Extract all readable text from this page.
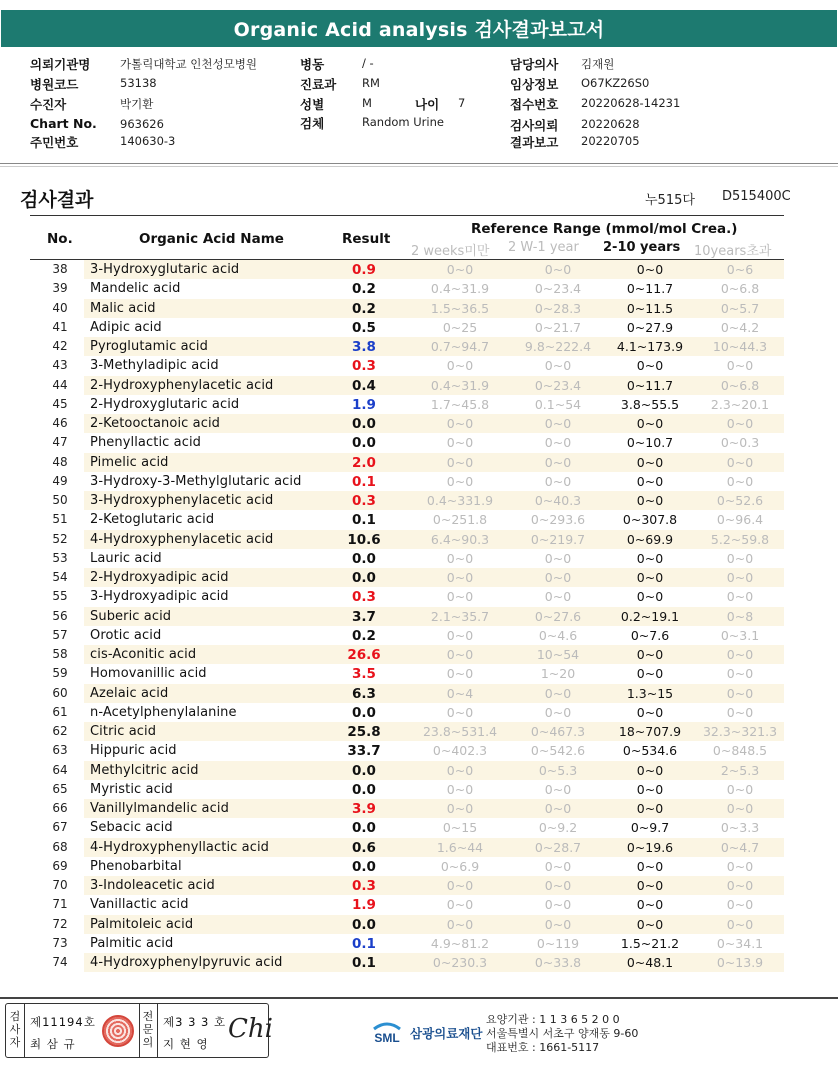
Organic Acid analysis 검사결과보고서
의뢰기관명	가톨릭대학교 인천성모병원
병원코드	53138
수진자	박기환
Chart No. 963626
주민번호	140630-3
병동	/ -
진료과 RM
성별	M	나이 7
검체	Random Urine
담당의사 김재원
임상정보 O67KZ26S0
접수번호 20220628-14231
검사의뢰 20220628
결과보고 20220705
검사결과	누515다 D515400C
No.	Organic Acid Name	Result
Reference Range (mmol/mol Crea.)
2 weeks미만 2 W-1 year 2-10 years 10years초과
38	3-Hydroxyglutaric acid	0.9	0~0	0~0	0~0	0~6
39	Mandelic acid	0.2	0.4~31.9	0~23.4	0~11.7	0~6.8
40	Malic acid	0.2	1.5~36.5	0~28.3	0~11.5	0~5.7
41	Adipic acid	0.5	0~25	0~21.7	0~27.9	0~4.2
42	Pyroglutamic acid	3.8	0.7~94.7	9.8~222.4	4.1~173.9	10~44.3
43	3-Methyladipic acid	0.3	0~0	0~0	0~0	0~0
44	2-Hydroxyphenylacetic acid	0.4	0.4~31.9	0~23.4	0~11.7	0~6.8
45	2-Hydroxyglutaric acid	1.9	1.7~45.8	0.1~54	3.8~55.5	2.3~20.1
46	2-Ketooctanoic acid	0.0	0~0	0~0	0~0	0~0
47	Phenyllactic acid	0.0	0~0	0~0	0~10.7	0~0.3
48	Pimelic acid	2.0	0~0	0~0	0~0	0~0
49	3-Hydroxy-3-Methylglutaric acid	0.1	0~0	0~0	0~0	0~0
50	3-Hydroxyphenylacetic acid	0.3	0.4~331.9	0~40.3	0~0	0~52.6
51	2-Ketoglutaric acid	0.1	0~251.8	0~293.6	0~307.8	0~96.4
52	4-Hydroxyphenylacetic acid	10.6	6.4~90.3	0~219.7	0~69.9	5.2~59.8
53	Lauric acid	0.0	0~0	0~0	0~0	0~0
54	2-Hydroxyadipic acid	0.0	0~0	0~0	0~0	0~0
55	3-Hydroxyadipic acid	0.3	0~0	0~0	0~0	0~0
56	Suberic acid	3.7	2.1~35.7	0~27.6	0.2~19.1	0~8
57	Orotic acid	0.2	0~0	0~4.6	0~7.6	0~3.1
58	cis-Aconitic acid	26.6	0~0	10~54	0~0	0~0
59	Homovanillic acid	3.5	0~0	1~20	0~0	0~0
60	Azelaic acid	6.3	0~4	0~0	1.3~15	0~0
61	n-Acetylphenylalanine	0.0	0~0	0~0	0~0	0~0
62	Citric acid	25.8	23.8~531.4	0~467.3	18~707.9	32.3~321.3
63	Hippuric acid	33.7	0~402.3	0~542.6	0~534.6	0~848.5
64	Methylcitric acid	0.0	0~0	0~5.3	0~0	2~5.3
65	Myristic acid	0.0	0~0	0~0	0~0	0~0
66	Vanillylmandelic acid	3.9	0~0	0~0	0~0	0~0
67	Sebacic acid	0.0	0~15	0~9.2	0~9.7	0~3.3
68	4-Hydroxyphenyllactic acid	0.6	1.6~44	0~28.7	0~19.6	0~4.7
69	Phenobarbital	0.0	0~6.9	0~0	0~0	0~0
70	3-Indoleacetic acid	0.3	0~0	0~0	0~0	0~0
71	Vanillactic acid	1.9	0~0	0~0	0~0	0~0
72	Palmitoleic acid	0.0	0~0	0~0	0~0	0~0
73	Palmitic acid	0.1	4.9~81.2	0~119	1.5~21.2	0~34.1
74	4-Hydroxyphenylpyruvic acid	0.1	0~230.3	0~33.8	0~48.1	0~13.9
검
사
자
제11194호
최 삼 규
전
문
의
제3 3 3 호
지 현 영 Chi	SML 삼광의료재단
요양기관 : 1 1 3 6 5 2 0 0
서울특별시 서초구 양재동 9-60
대표번호 : 1661-5117
